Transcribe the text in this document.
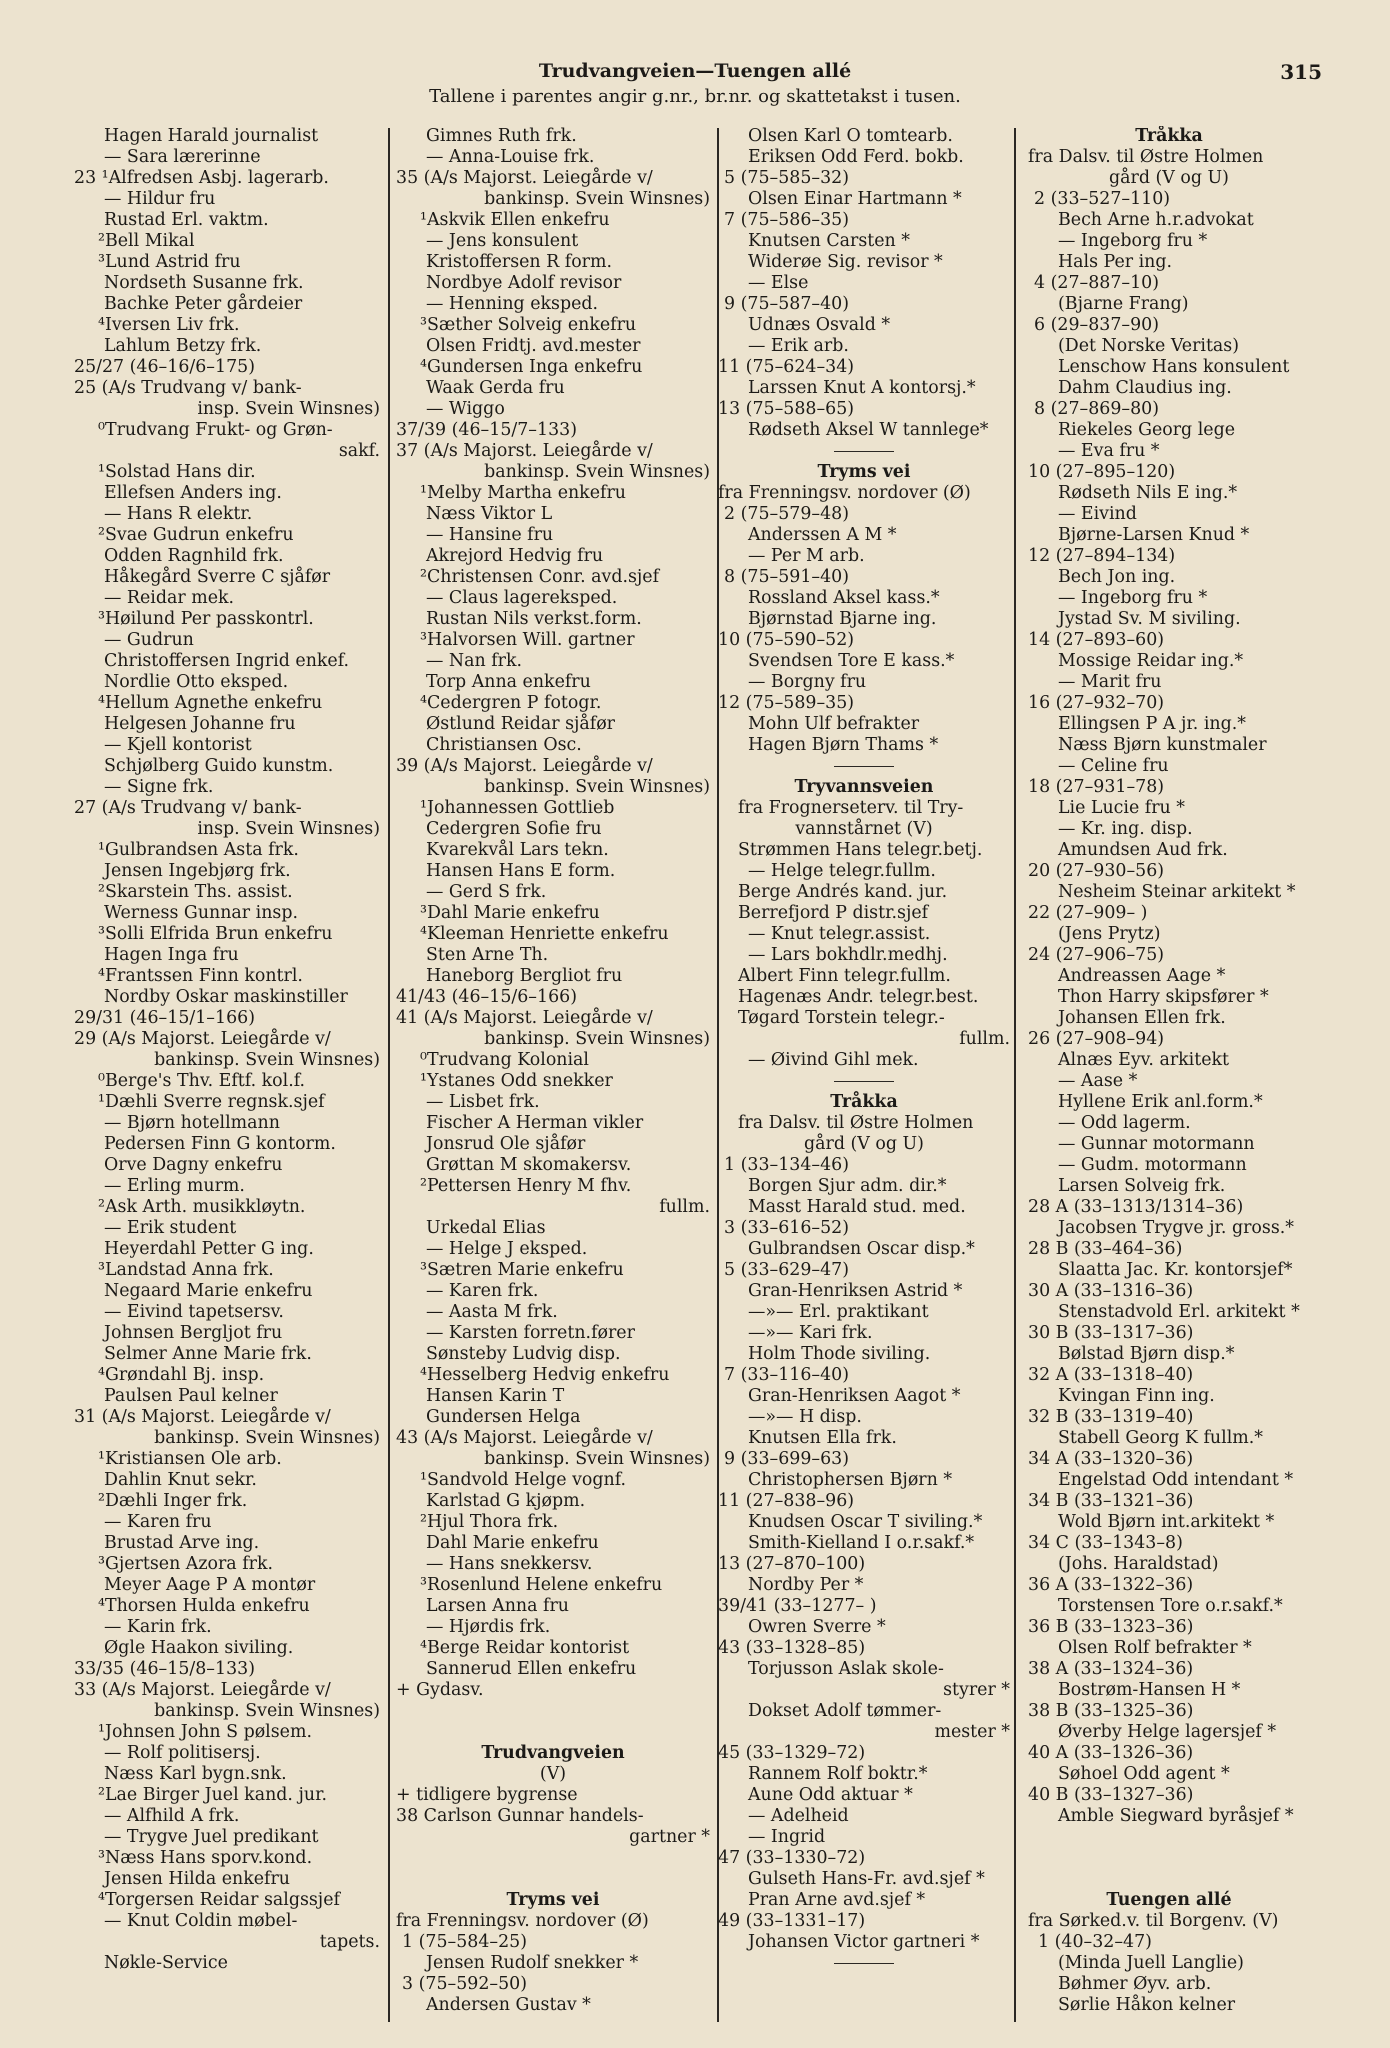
Trudvangveien—Tuengen allé	315
Tallene i parentes angir g.nr., br.nr. og skattetakst i tusen.
Hagen Harald journalist
— Sara lærerinne
23 ¹Alfredsen Asbj. lagerarb.
— Hildur fru
Rustad Erl. vaktm.
²Bell Mikal
³Lund Astrid fru
Nordseth Susanne frk.
Bachke Peter gårdeier
⁴Iversen Liv frk.
Lahlum Betzy frk.
25/27 (46–16/6–175)
25 (A/s Trudvang v/ bank-
insp. Svein Winsnes)
⁰Trudvang Frukt- og Grøn-
sakf.
¹Solstad Hans dir.
Ellefsen Anders ing.
— Hans R elektr.
²Svae Gudrun enkefru
Odden Ragnhild frk.
Håkegård Sverre C sjåfør
— Reidar mek.
³Høilund Per passkontrl.
— Gudrun
Christoffersen Ingrid enkef.
Nordlie Otto eksped.
⁴Hellum Agnethe enkefru
Helgesen Johanne fru
— Kjell kontorist
Schjølberg Guido kunstm.
— Signe frk.
27 (A/s Trudvang v/ bank-
insp. Svein Winsnes)
¹Gulbrandsen Asta frk.
Jensen Ingebjørg frk.
²Skarstein Ths. assist.
Werness Gunnar insp.
³Solli Elfrida Brun enkefru
Hagen Inga fru
⁴Frantssen Finn kontrl.
Nordby Oskar maskinstiller
29/31 (46–15/1–166)
29 (A/s Majorst. Leiegårde v/
bankinsp. Svein Winsnes)
⁰Berge's Thv. Eftf. kol.f.
¹Dæhli Sverre regnsk.sjef
— Bjørn hotellmann
Pedersen Finn G kontorm.
Orve Dagny enkefru
— Erling murm.
²Ask Arth. musikkløytn.
— Erik student
Heyerdahl Petter G ing.
³Landstad Anna frk.
Negaard Marie enkefru
— Eivind tapetsersv.
Johnsen Bergljot fru
Selmer Anne Marie frk.
⁴Grøndahl Bj. insp.
Paulsen Paul kelner
31 (A/s Majorst. Leiegårde v/
bankinsp. Svein Winsnes)
¹Kristiansen Ole arb.
Dahlin Knut sekr.
²Dæhli Inger frk.
— Karen fru
Brustad Arve ing.
³Gjertsen Azora frk.
Meyer Aage P A montør
⁴Thorsen Hulda enkefru
— Karin frk.
Øgle Haakon siviling.
33/35 (46–15/8–133)
33 (A/s Majorst. Leiegårde v/
bankinsp. Svein Winsnes)
¹Johnsen John S pølsem.
— Rolf politisersj.
Næss Karl bygn.snk.
²Lae Birger Juel kand. jur.
— Alfhild A frk.
— Trygve Juel predikant
³Næss Hans sporv.kond.
Jensen Hilda enkefru
⁴Torgersen Reidar salgssjef
— Knut Coldin møbel-
tapets.
Nøkle-Service
Gimnes Ruth frk.
— Anna-Louise frk.
35 (A/s Majorst. Leiegårde v/
bankinsp. Svein Winsnes)
¹Askvik Ellen enkefru
— Jens konsulent
Kristoffersen R form.
Nordbye Adolf revisor
— Henning eksped.
³Sæther Solveig enkefru
Olsen Fridtj. avd.mester
⁴Gundersen Inga enkefru
Waak Gerda fru
— Wiggo
37/39 (46–15/7–133)
37 (A/s Majorst. Leiegårde v/
bankinsp. Svein Winsnes)
¹Melby Martha enkefru
Næss Viktor L
— Hansine fru
Akrejord Hedvig fru
²Christensen Conr. avd.sjef
— Claus lagereksped.
Rustan Nils verkst.form.
³Halvorsen Will. gartner
— Nan frk.
Torp Anna enkefru
⁴Cedergren P fotogr.
Østlund Reidar sjåfør
Christiansen Osc.
39 (A/s Majorst. Leiegårde v/
bankinsp. Svein Winsnes)
¹Johannessen Gottlieb
Cedergren Sofie fru
Kvarekvål Lars tekn.
Hansen Hans E form.
— Gerd S frk.
³Dahl Marie enkefru
⁴Kleeman Henriette enkefru
Sten Arne Th.
Haneborg Bergliot fru
41/43 (46–15/6–166)
41 (A/s Majorst. Leiegårde v/
bankinsp. Svein Winsnes)
⁰Trudvang Kolonial
¹Ystanes Odd snekker
— Lisbet frk.
Fischer A Herman vikler
Jonsrud Ole sjåfør
Grøttan M skomakersv.
²Pettersen Henry M fhv.
fullm.
Urkedal Elias
— Helge J eksped.
³Sætren Marie enkefru
— Karen frk.
— Aasta M frk.
— Karsten forretn.fører
Sønsteby Ludvig disp.
⁴Hesselberg Hedvig enkefru
Hansen Karin T
Gundersen Helga
43 (A/s Majorst. Leiegårde v/
bankinsp. Svein Winsnes)
¹Sandvold Helge vognf.
Karlstad G kjøpm.
²Hjul Thora frk.
Dahl Marie enkefru
— Hans snekkersv.
³Rosenlund Helene enkefru
Larsen Anna fru
— Hjørdis frk.
⁴Berge Reidar kontorist
Sannerud Ellen enkefru
+ Gydasv.

Trudvangveien
(V)
+ tidligere bygrense
38 Carlson Gunnar handels-
gartner *

Tryms vei
fra Frenningsv. nordover (Ø)
1 (75–584–25)
Jensen Rudolf snekker *
3 (75–592–50)
Andersen Gustav *
Olsen Karl O tomtearb.
Eriksen Odd Ferd. bokb.
5 (75–585–32)
Olsen Einar Hartmann *
7 (75–586–35)
Knutsen Carsten *
Widerøe Sig. revisor *
— Else
9 (75–587–40)
Udnæs Osvald *
— Erik arb.
11 (75–624–34)
Larssen Knut A kontorsj.*
13 (75–588–65)
Rødseth Aksel W tannlege*
Tryms vei
fra Frenningsv. nordover (Ø)
2 (75–579–48)
Anderssen A M *
— Per M arb.
8 (75–591–40)
Rossland Aksel kass.*
Bjørnstad Bjarne ing.
10 (75–590–52)
Svendsen Tore E kass.*
— Borgny fru
12 (75–589–35)
Mohn Ulf befrakter
Hagen Bjørn Thams *
Tryvannsveien
fra Frognerseterv. til Try-
vannstårnet (V)
Strømmen Hans telegr.betj.
— Helge telegr.fullm.
Berge Andrés kand. jur.
Berrefjord P distr.sjef
— Knut telegr.assist.
— Lars bokhdlr.medhj.
Albert Finn telegr.fullm.
Hagenæs Andr. telegr.best.
Tøgard Torstein telegr.-
fullm.
— Øivind Gihl mek.
Tråkka
fra Dalsv. til Østre Holmen
gård (V og U)
1 (33–134–46)
Borgen Sjur adm. dir.*
Masst Harald stud. med.
3 (33–616–52)
Gulbrandsen Oscar disp.*
5 (33–629–47)
Gran-Henriksen Astrid *
—»— Erl. praktikant
—»— Kari frk.
Holm Thode siviling.
7 (33–116–40)
Gran-Henriksen Aagot *
—»— H disp.
Knutsen Ella frk.
9 (33–699–63)
Christophersen Bjørn *
11 (27–838–96)
Knudsen Oscar T siviling.*
Smith-Kielland I o.r.sakf.*
13 (27–870–100)
Nordby Per *
39/41 (33–1277– )
Owren Sverre *
43 (33–1328–85)
Torjusson Aslak skole-
styrer *
Dokset Adolf tømmer-
mester *
45 (33–1329–72)
Rannem Rolf boktr.*
Aune Odd aktuar *
— Adelheid
— Ingrid
47 (33–1330–72)
Gulseth Hans-Fr. avd.sjef *
Pran Arne avd.sjef *
49 (33–1331–17)
Johansen Victor gartneri *
Tråkka
fra Dalsv. til Østre Holmen
gård (V og U)
2 (33–527–110)
Bech Arne h.r.advokat
— Ingeborg fru *
Hals Per ing.
4 (27–887–10)
(Bjarne Frang)
6 (29–837–90)
(Det Norske Veritas)
Lenschow Hans konsulent
Dahm Claudius ing.
8 (27–869–80)
Riekeles Georg lege
— Eva fru *
10 (27–895–120)
Rødseth Nils E ing.*
— Eivind
Bjørne-Larsen Knud *
12 (27–894–134)
Bech Jon ing.
— Ingeborg fru *
Jystad Sv. M siviling.
14 (27–893–60)
Mossige Reidar ing.*
— Marit fru
16 (27–932–70)
Ellingsen P A jr. ing.*
Næss Bjørn kunstmaler
— Celine fru
18 (27–931–78)
Lie Lucie fru *
— Kr. ing. disp.
Amundsen Aud frk.
20 (27–930–56)
Nesheim Steinar arkitekt *
22 (27–909– )
(Jens Prytz)
24 (27–906–75)
Andreassen Aage *
Thon Harry skipsfører *
Johansen Ellen frk.
26 (27–908–94)
Alnæs Eyv. arkitekt
— Aase *
Hyllene Erik anl.form.*
— Odd lagerm.
— Gunnar motormann
— Gudm. motormann
Larsen Solveig frk.
28 A (33–1313/1314–36)
Jacobsen Trygve jr. gross.*
28 B (33–464–36)
Slaatta Jac. Kr. kontorsjef*
30 A (33–1316–36)
Stenstadvold Erl. arkitekt *
30 B (33–1317–36)
Bølstad Bjørn disp.*
32 A (33–1318–40)
Kvingan Finn ing.
32 B (33–1319–40)
Stabell Georg K fullm.*
34 A (33–1320–36)
Engelstad Odd intendant *
34 B (33–1321–36)
Wold Bjørn int.arkitekt *
34 C (33–1343–8)
(Johs. Haraldstad)
36 A (33–1322–36)
Torstensen Tore o.r.sakf.*
36 B (33–1323–36)
Olsen Rolf befrakter *
38 A (33–1324–36)
Bostrøm-Hansen H *
38 B (33–1325–36)
Øverby Helge lagersjef *
40 A (33–1326–36)
Søhoel Odd agent *
40 B (33–1327–36)
Amble Siegward byråsjef *

Tuengen allé
fra Sørked.v. til Borgenv. (V)
1 (40–32–47)
(Minda Juell Langlie)
Bøhmer Øyv. arb.
Sørlie Håkon kelner
